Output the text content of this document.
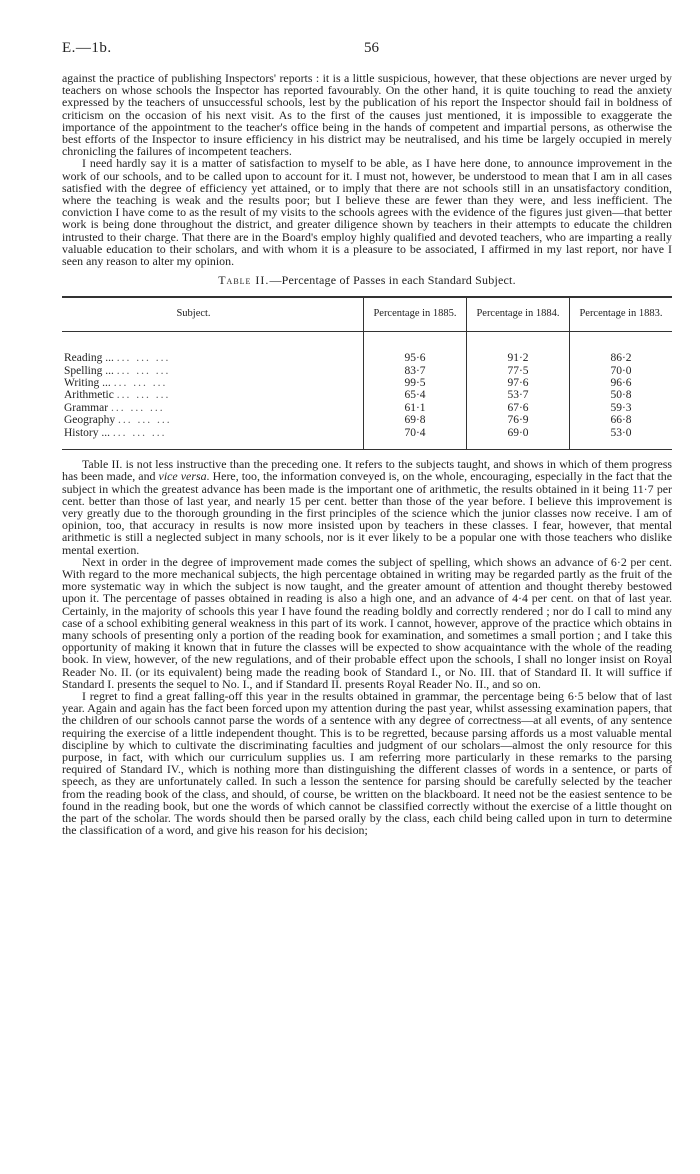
E.—1b.	56

against the practice of publishing Inspectors' reports : it is a little suspicious, however, that these objections are never urged by teachers on whose schools the Inspector has reported favourably. On the other hand, it is quite touching to read the anxiety expressed by the teachers of unsuccessful schools, lest by the publication of his report the Inspector should fail in boldness of criticism on the occasion of his next visit. As to the first of the causes just mentioned, it is impossible to exaggerate the importance of the appointment to the teacher's office being in the hands of competent and impartial persons, as otherwise the best efforts of the Inspector to insure efficiency in his district may be neutralised, and his time be largely occupied in merely chronicling the failures of incompetent teachers.

I need hardly say it is a matter of satisfaction to myself to be able, as I have here done, to announce improvement in the work of our schools, and to be called upon to account for it. I must not, however, be understood to mean that I am in all cases satisfied with the degree of efficiency yet attained, or to imply that there are not schools still in an unsatisfactory condition, where the teaching is weak and the results poor; but I believe these are fewer than they were, and less inefficient. The conviction I have come to as the result of my visits to the schools agrees with the evidence of the figures just given—that better work is being done throughout the district, and greater diligence shown by teachers in their attempts to educate the children intrusted to their charge. That there are in the Board's employ highly qualified and devoted teachers, who are imparting a really valuable education to their scholars, and with whom it is a pleasure to be associated, I affirmed in my last report, nor have I seen any reason to alter my opinion.

Table II.—Percentage of Passes in each Standard Subject.
Subject.	Percentage in 1885.	Percentage in 1884.	Percentage in 1883.

Reading ... ... ... ...	95·6	91·2	86·2
Spelling ... ... ... ...	83·7	77·5	70·0
Writing ... ... ... ...	99·5	97·6	96·6
Arithmetic ... ... ...	65·4	53·7	50·8
Grammar ... ... ...	61·1	67·6	59·3
Geography ... ... ...	69·8	76·9	66·8
History ... ... ... ...	70·4	69·0	53·0

Table II. is not less instructive than the preceding one. It refers to the subjects taught, and shows in which of them progress has been made, and vice versa. Here, too, the information conveyed is, on the whole, encouraging, especially in the fact that the subject in which the greatest advance has been made is the important one of arithmetic, the results obtained in it being 11·7 per cent. better than those of last year, and nearly 15 per cent. better than those of the year before. I believe this improvement is very greatly due to the thorough grounding in the first principles of the science which the junior classes now receive. I am of opinion, too, that accuracy in results is now more insisted upon by teachers in these classes. I fear, however, that mental arithmetic is still a neglected subject in many schools, nor is it ever likely to be a popular one with those teachers who dislike mental exertion.

Next in order in the degree of improvement made comes the subject of spelling, which shows an advance of 6·2 per cent. With regard to the more mechanical subjects, the high percentage obtained in writing may be regarded partly as the fruit of the more systematic way in which the subject is now taught, and the greater amount of attention and thought thereby bestowed upon it. The percentage of passes obtained in reading is also a high one, and an advance of 4·4 per cent. on that of last year. Certainly, in the majority of schools this year I have found the reading boldly and correctly rendered ; nor do I call to mind any case of a school exhibiting general weakness in this part of its work. I cannot, however, approve of the practice which obtains in many schools of presenting only a portion of the reading book for examination, and sometimes a small portion ; and I take this opportunity of making it known that in future the classes will be expected to show acquaintance with the whole of the reading book. In view, however, of the new regulations, and of their probable effect upon the schools, I shall no longer insist on Royal Reader No. II. (or its equivalent) being made the reading book of Standard I., or No. III. that of Standard II. It will suffice if Standard I. presents the sequel to No. I., and if Standard II. presents Royal Reader No. II., and so on.

I regret to find a great falling-off this year in the results obtained in grammar, the percentage being 6·5 below that of last year. Again and again has the fact been forced upon my attention during the past year, whilst assessing examination papers, that the children of our schools cannot parse the words of a sentence with any degree of correctness—at all events, of any sentence requiring the exercise of a little independent thought. This is to be regretted, because parsing affords us a most valuable mental discipline by which to cultivate the discriminating faculties and judgment of our scholars—almost the only resource for this purpose, in fact, with which our curriculum supplies us. I am referring more particularly in these remarks to the parsing required of Standard IV., which is nothing more than distinguishing the different classes of words in a sentence, or parts of speech, as they are unfortunately called. In such a lesson the sentence for parsing should be carefully selected by the teacher from the reading book of the class, and should, of course, be written on the blackboard. It need not be the easiest sentence to be found in the reading book, but one the words of which cannot be classified correctly without the exercise of a little thought on the part of the scholar. The words should then be parsed orally by the class, each child being called upon in turn to determine the classification of a word, and give his reason for his decision;
